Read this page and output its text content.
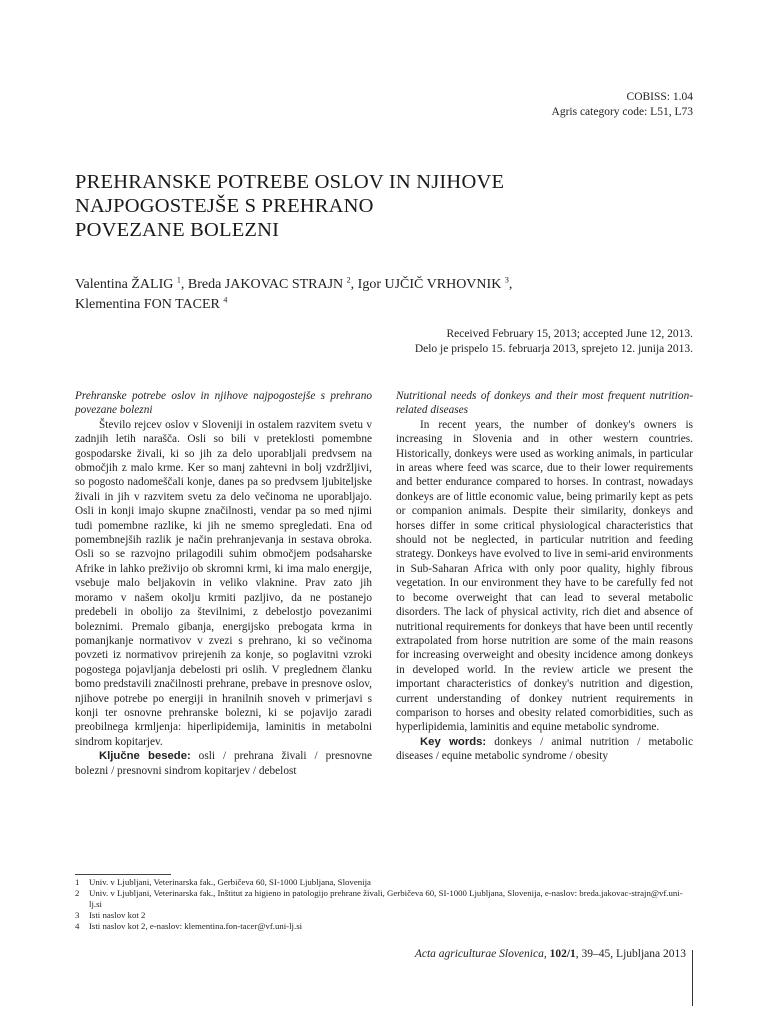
COBISS: 1.04
Agris category code: L51, L73
PREHRANSKE POTREBE OSLOV IN NJIHOVE
NAJPOGOSTEJŠE S PREHRANO
POVEZANE BOLEZNI
Valentina ŽALIG $^1$, Breda JAKOVAC STRAJN $^2$, Igor UJČIČ VRHOVNIK $^3$,
Klementina FON TACER $^4$
Received February 15, 2013; accepted June 12, 2013.
Delo je prispelo 15. februarja 2013, sprejeto 12. junija 2013.

Prehranske potrebe oslov in njihove najpogostejše s prehrano povezane bolezni

Število rejcev oslov v Sloveniji in ostalem razvitem svetu v zadnjih letih narašča. Osli so bili v preteklosti pomembne gospodarske živali, ki so jih za delo uporabljali predvsem na območjih z malo krme. Ker so manj zahtevni in bolj vzdržljivi, so pogosto nadomeščali konje, danes pa so predvsem ljubiteljske živali in jih v razvitem svetu za delo večinoma ne uporabljajo. Osli in konji imajo skupne značilnosti, vendar pa so med njimi tudi pomembne razlike, ki jih ne smemo spregledati. Ena od pomembnejših razlik je način prehranjevanja in sestava obroka. Osli so se razvojno prilagodili suhim območjem podsaharske Afrike in lahko preživijo ob skromni krmi, ki ima malo energije, vsebuje malo beljakovin in veliko vlaknine. Prav zato jih moramo v našem okolju krmiti pazljivo, da ne postanejo predebeli in obolijo za številnimi, z debelostjo povezanimi boleznimi. Premalo gibanja, energijsko prebogata krma in pomanjkanje normativov v zvezi s prehrano, ki so večinoma povzeti iz normativov prirejenih za konje, so poglavitni vzroki pogostega pojavljanja debelosti pri oslih. V preglednem članku bomo predstavili značilnosti prehrane, prebave in presnove oslov, njihove potrebe po energiji in hranilnih snoveh v primerjavi s konji ter osnovne prehranske bolezni, ki se pojavijo zaradi preobilnega krmljenja: hiperlipidemija, laminitis in metabolni sindrom kopitarjev.

Ključne besede: osli / prehrana živali / presnovne bolezni / presnovni sindrom kopitarjev / debelost

Nutritional needs of donkeys and their most frequent nutrition-related diseases

In recent years, the number of donkey's owners is increasing in Slovenia and in other western countries. Historically, donkeys were used as working animals, in particular in areas where feed was scarce, due to their lower requirements and better endurance compared to horses. In contrast, nowadays donkeys are of little economic value, being primarily kept as pets or companion animals. Despite their similarity, donkeys and horses differ in some critical physiological characteristics that should not be neglected, in particular nutrition and feeding strategy. Donkeys have evolved to live in semi-arid environments in Sub-Saharan Africa with only poor quality, highly fibrous vegetation. In our environment they have to be carefully fed not to become overweight that can lead to several metabolic disorders. The lack of physical activity, rich diet and absence of nutritional requirements for donkeys that have been until recently extrapolated from horse nutrition are some of the main reasons for increasing overweight and obesity incidence among donkeys in developed world. In the review article we present the important characteristics of donkey's nutrition and digestion, current understanding of donkey nutrient requirements in comparison to horses and obesity related comorbidities, such as hyperlipidemia, laminitis and equine metabolic syndrome.

Key words: donkeys / animal nutrition / metabolic diseases / equine metabolic syndrome / obesity

1	Univ. v Ljubljani, Veterinarska fak., Gerbičeva 60, SI-1000 Ljubljana, Slovenija
2	Univ. v Ljubljani, Veterinarska fak., Inštitut za higieno in patologijo prehrane živali, Gerbičeva 60, SI-1000 Ljubljana, Slovenija, e-naslov: breda.jakovac-strajn@vf.uni-lj.si
3	Isti naslov kot 2
4	Isti naslov kot 2, e-naslov: klementina.fon-tacer@vf.uni-lj.si
Acta agriculturae Slovenica, 102/1, 39–45, Ljubljana 2013
